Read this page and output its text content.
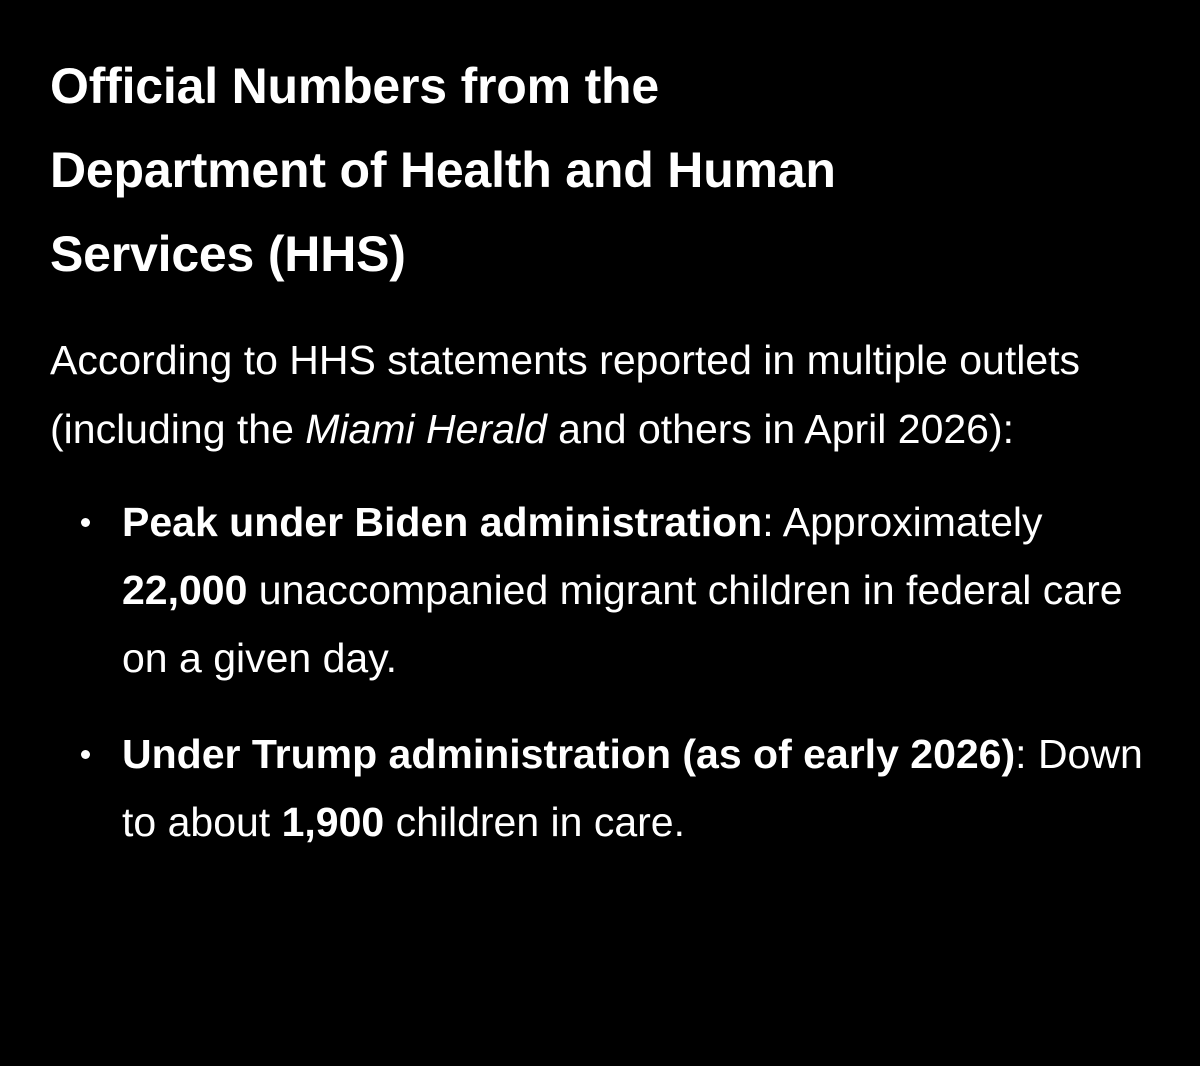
Official Numbers from the
Department of Health and Human
Services (HHS)

According to HHS statements reported in multiple outlets (including the Miami Herald and others in April 2026):

Peak under Biden administration: Approximately 22,000 unaccompanied migrant children in federal care on a given day.
Under Trump administration (as of early 2026): Down to about 1,900 children in care.
